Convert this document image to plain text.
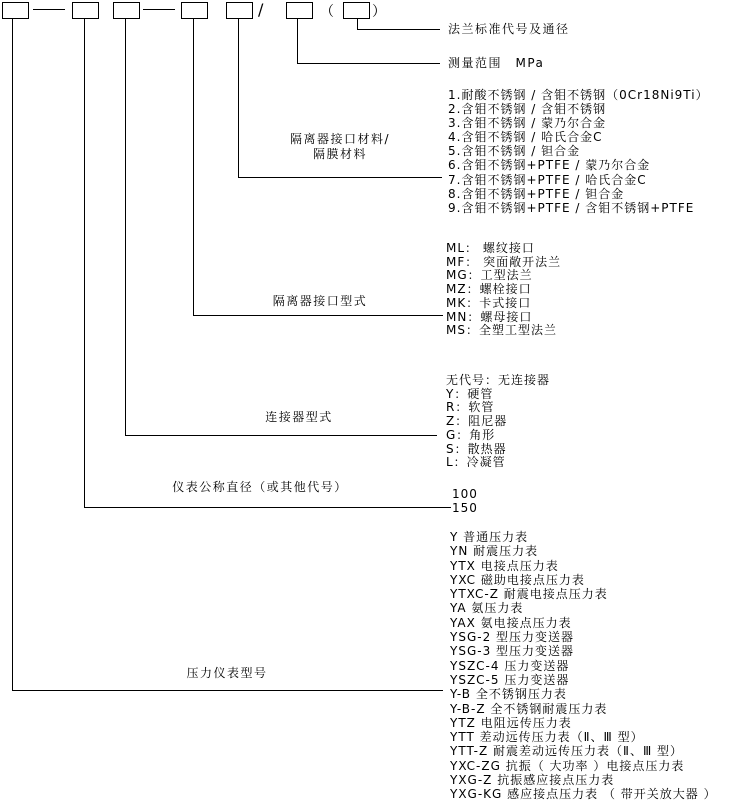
/	（	）
法兰标准代号及通径
测量范围　MPa
隔离器接口材料/
隔膜材料
隔离器接口型式
连接器型式
仪表公称直径（或其他代号）
压力仪表型号
1.耐酸不锈钢 / 含钼不锈钢（0Cr18Ni9Ti）
2.含钼不锈钢 / 含钼不锈钢
3.含钼不锈钢 / 蒙乃尔合金
4.含钼不锈钢 / 哈氏合金C
5.含钼不锈钢 / 钽合金
6.含钼不锈钢+PTFE / 蒙乃尔合金
7.含钼不锈钢+PTFE / 哈氏合金C
8.含钼不锈钢+PTFE / 钽合金
9.含钼不锈钢+PTFE / 含钼不锈钢+PTFE
ML： 螺纹接口
MF： 突面敞开法兰
MG：工型法兰
MZ：螺栓接口
MK：卡式接口
MN：螺母接口
MS：全塑工型法兰
无代号：无连接器
Y：硬管
R：软管
Z：阻尼器
G：角形
S：散热器
L：冷凝管
100
150
Y 普通压力表
YN 耐震压力表
YTX 电接点压力表
YXC 磁助电接点压力表
YTXC-Z 耐震电接点压力表
YA 氨压力表
YAX 氨电接点压力表
YSG-2 型压力变送器
YSG-3 型压力变送器
YSZC-4 压力变送器
YSZC-5 压力变送器
Y-B 全不锈钢压力表
Y-B-Z 全不锈钢耐震压力表
YTZ 电阻远传压力表
YTT 差动远传压力表（Ⅱ、Ⅲ 型）
YTT-Z 耐震差动远传压力表（Ⅱ、Ⅲ 型）
YXC-ZG 抗振（ 大功率 ）电接点压力表
YXG-Z 抗振感应接点压力表
YXG-KG 感应接点压力表 （ 带开关放大器 ）
